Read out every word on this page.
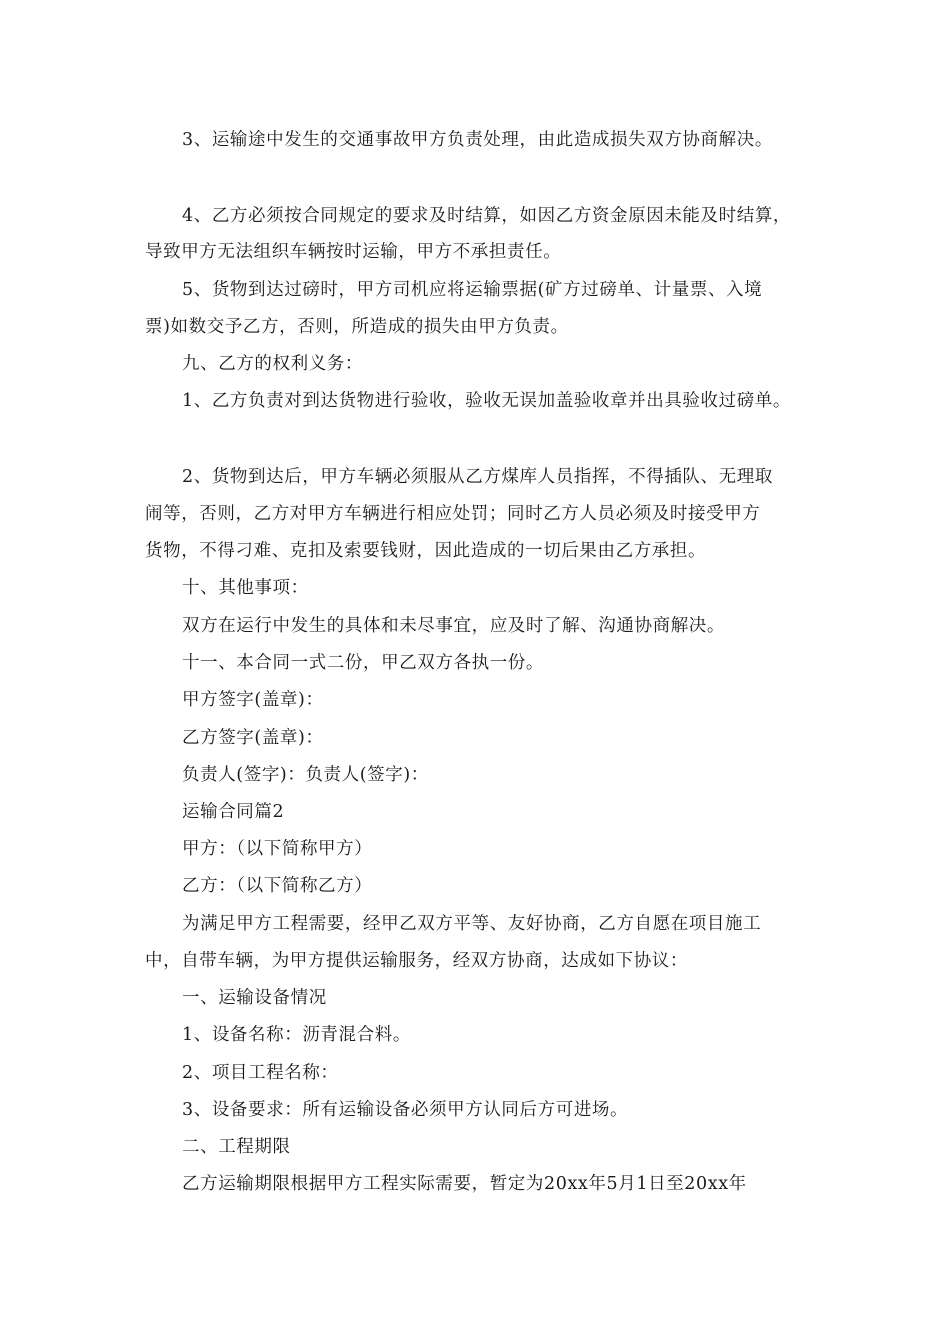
3、运输途中发生的交通事故甲方负责处理，由此造成损失双方协商解决。
4、乙方必须按合同规定的要求及时结算，如因乙方资金原因未能及时结算，
导致甲方无法组织车辆按时运输，甲方不承担责任。
5、货物到达过磅时，甲方司机应将运输票据(矿方过磅单、计量票、入境
票)如数交予乙方，否则，所造成的损失由甲方负责。
九、乙方的权利义务：
1、乙方负责对到达货物进行验收，验收无误加盖验收章并出具验收过磅单。
2、货物到达后，甲方车辆必须服从乙方煤库人员指挥，不得插队、无理取
闹等，否则，乙方对甲方车辆进行相应处罚；同时乙方人员必须及时接受甲方
货物，不得刁难、克扣及索要钱财，因此造成的一切后果由乙方承担。
十、其他事项：
双方在运行中发生的具体和未尽事宜，应及时了解、沟通协商解决。
十一、本合同一式二份，甲乙双方各执一份。
甲方签字(盖章)：
乙方签字(盖章)：
负责人(签字)：负责人(签字)：
运输合同篇2
甲方：（以下简称甲方）
乙方：（以下简称乙方）
为满足甲方工程需要，经甲乙双方平等、友好协商，乙方自愿在项目施工
中，自带车辆，为甲方提供运输服务，经双方协商，达成如下协议：
一、运输设备情况
1、设备名称：沥青混合料。
2、项目工程名称：
3、设备要求：所有运输设备必须甲方认同后方可进场。
二、工程期限
乙方运输期限根据甲方工程实际需要，暂定为20xx年5月1日至20xx年
